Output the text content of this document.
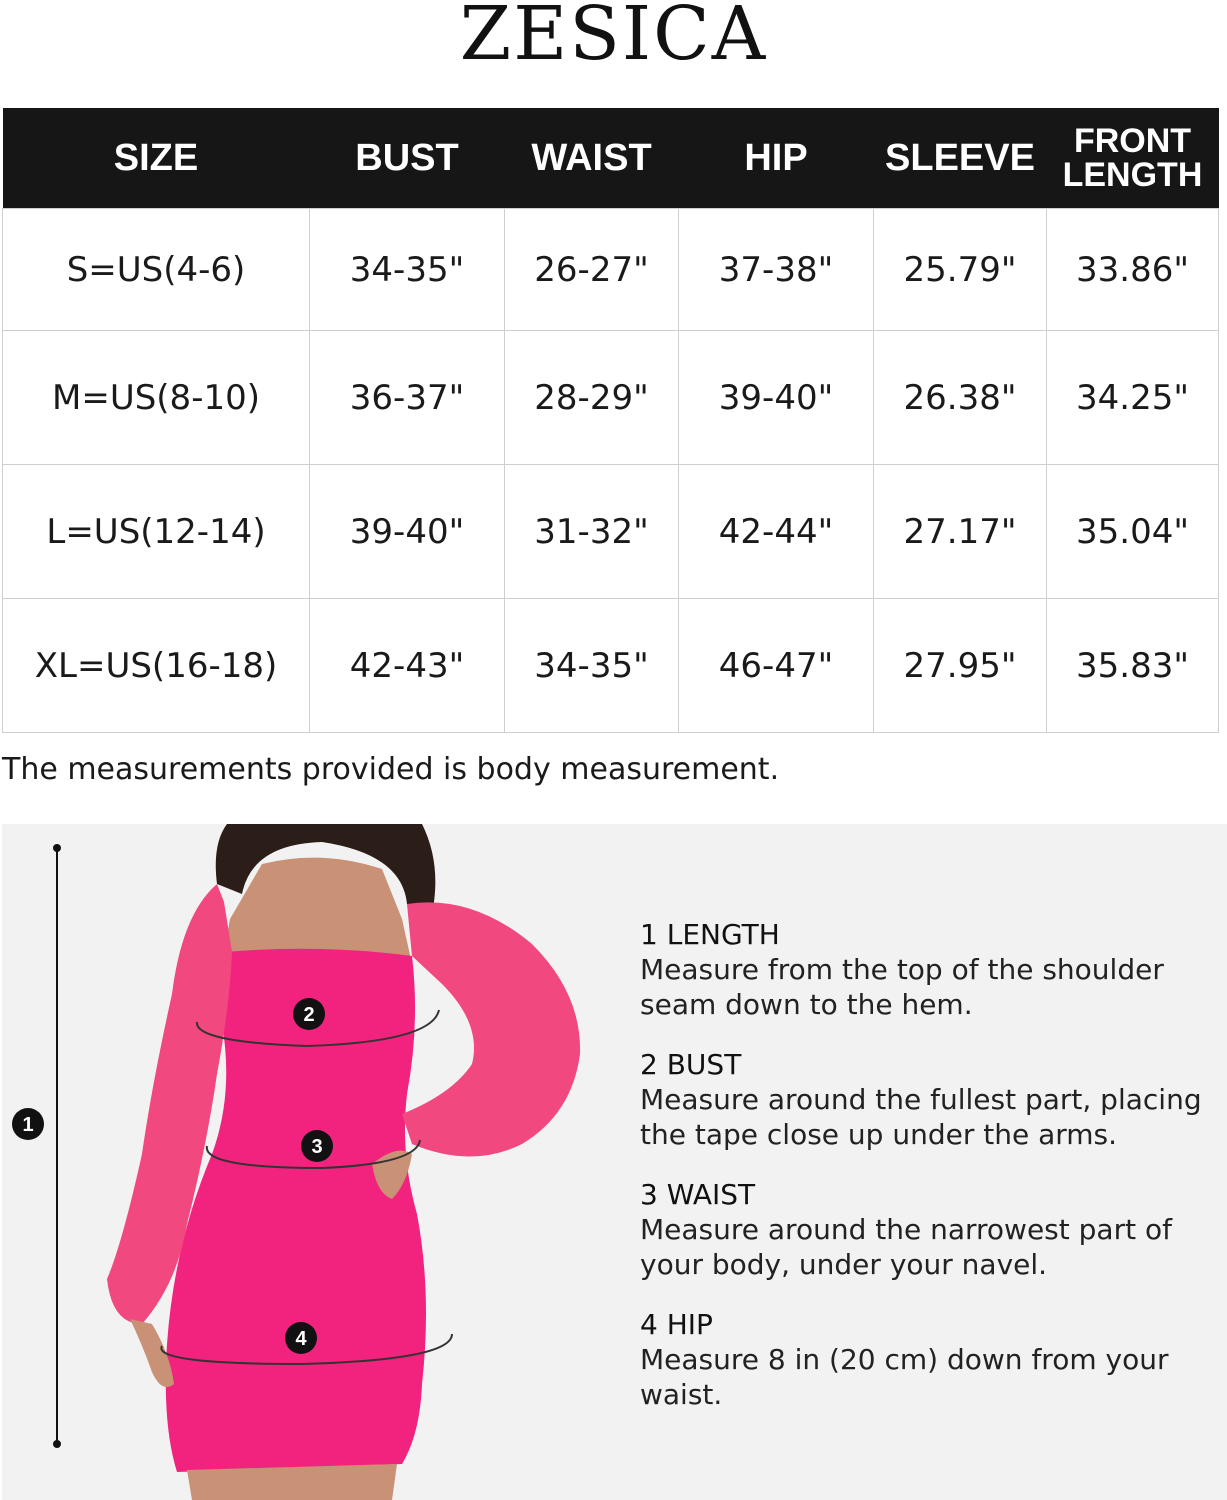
ZESICA
SIZE	BUST	WAIST	HIP	SLEEVE	FRONT
LENGTH

S=US(4-6)	34-35"	26-27"	37-38"	25.79"	33.86"
M=US(8-10)	36-37"	28-29"	39-40"	26.38"	34.25"
L=US(12-14)	39-40"	31-32"	42-44"	27.17"	35.04"
XL=US(16-18)	42-43"	34-35"	46-47"	27.95"	35.83"
The measurements provided is body measurement.
1
2
3
4
1 LENGTH
Measure from the top of the shoulder
seam down to the hem.
2 BUST
Measure around the fullest part, placing
the tape close up under the arms.
3 WAIST
Measure around the narrowest part of
your body, under your navel.
4 HIP
Measure 8 in (20 cm) down from your waist.
